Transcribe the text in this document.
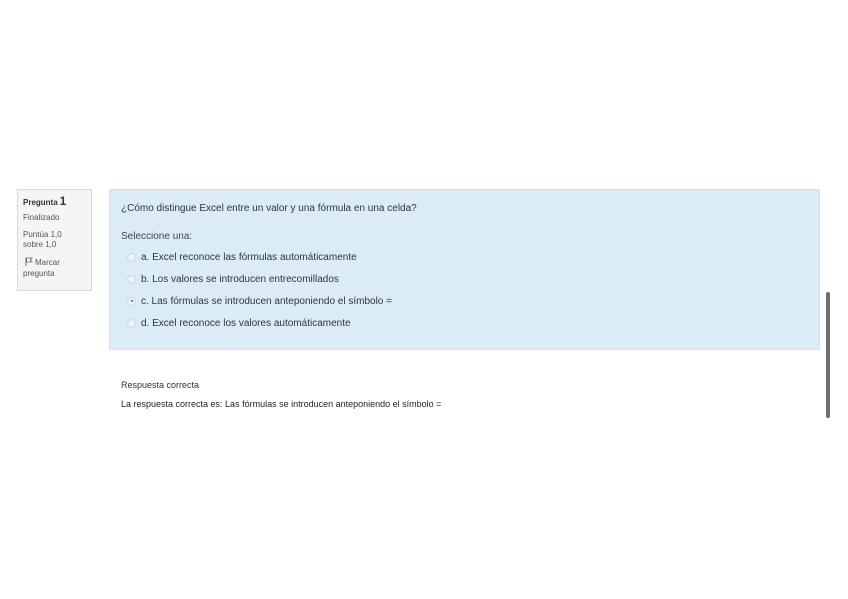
Pregunta 1
Finalizado
Puntúa 1,0
sobre 1,0
Marcar
pregunta
¿Cómo distingue Excel entre un valor y una fórmula en una celda?
Seleccione una:
a. Excel reconoce las fórmulas automáticamente
b. Los valores se introducen entrecomillados
c. Las fórmulas se introducen anteponiendo el símbolo =
d. Excel reconoce los valores automáticamente
Respuesta correcta
La respuesta correcta es: Las fórmulas se introducen anteponiendo el símbolo =
